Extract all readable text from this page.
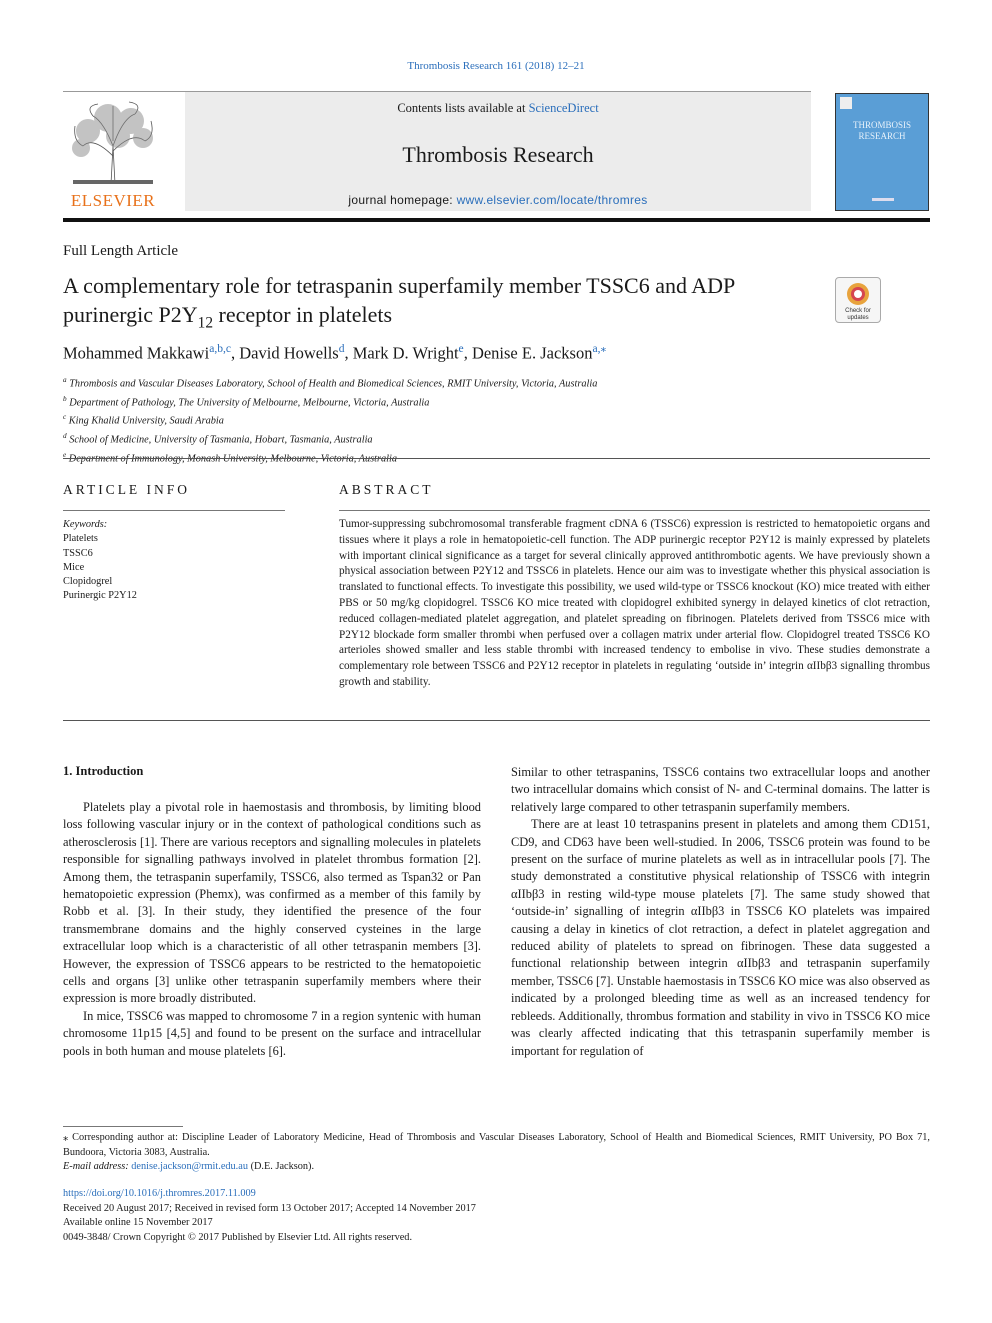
Thrombosis Research 161 (2018) 12–21
ELSEVIER
Contents lists available at ScienceDirect
Thrombosis Research
journal homepage: www.elsevier.com/locate/thromres
THROMBOSIS RESEARCH
Full Length Article
A complementary role for tetraspanin superfamily member TSSC6 and ADP
purinergic $P2Y_{12}$ receptor in platelets	Check for
updates
Mohammed Makkawi$^{a,b,c}$, David Howells$^d$, Mark D. Wright$^e$, Denise E. Jackson$^{a,⁎}$
$^a$ Thrombosis and Vascular Diseases Laboratory, School of Health and Biomedical Sciences, RMIT University, Victoria, Australia
$^b$ Department of Pathology, The University of Melbourne, Melbourne, Victoria, Australia
$^c$ King Khalid University, Saudi Arabia
$^d$ School of Medicine, University of Tasmania, Hobart, Tasmania, Australia
$^e$
ARTICLE INFO	ABSTRACT
Keywords:
Platelets
TSSC6
Mice
Clopidogrel
Purinergic P2Y12
Tumor-suppressing subchromosomal transferable fragment cDNA 6 (TSSC6) expression is restricted to hematopoietic organs and tissues where it plays a role in hematopoietic-cell function. The ADP purinergic receptor P2Y12 is mainly expressed by platelets with important clinical significance as a target for several clinically approved antithrombotic agents. We have previously shown a physical association between P2Y12 and TSSC6 in platelets. Hence our aim was to investigate whether this physical association is translated to functional effects. To investigate this possibility, we used wild-type or TSSC6 knockout (KO) mice treated with either PBS or 50 mg/kg clopidogrel. TSSC6 KO mice treated with clopidogrel exhibited synergy in delayed kinetics of clot retraction, reduced collagen-mediated platelet aggregation, and platelet spreading on fibrinogen. Platelets derived from TSSC6 mice with P2Y12 blockade form smaller thrombi when perfused over a collagen matrix under arterial flow. Clopidogrel treated TSSC6 KO arterioles showed smaller and less stable thrombi with increased tendency to embolise in vivo. These studies demonstrate a complementary role between TSSC6 and P2Y12 receptor in platelets in regulating ‘outside in’ integrin αIIbβ3 signalling thrombus growth and stability.
1. Introduction

Platelets play a pivotal role in haemostasis and thrombosis, by limiting blood loss following vascular injury or in the context of pathological conditions such as atherosclerosis [1]. There are various receptors and signalling molecules in platelets responsible for signalling pathways involved in platelet thrombus formation [2]. Among them, the tetraspanin superfamily, TSSC6, also termed as Tspan32 or Pan hematopoietic expression (Phemx), was confirmed as a member of this family by Robb et al. [3]. In their study, they identified the presence of the four transmembrane domains and the highly conserved cysteines in the large extracellular loop which is a characteristic of all other tetraspanin members [3]. However, the expression of TSSC6 appears to be restricted to the hematopoietic cells and organs [3] unlike other tetraspanin superfamily members where their expression is more broadly distributed.

In mice, TSSC6 was mapped to chromosome 7 in a region syntenic with human chromosome 11p15 [4,5] and found to be present on the surface and intracellular pools in both human and mouse platelets [6].

Similar to other tetraspanins, TSSC6 contains two extracellular loops and another two intracellular domains which consist of N- and C-terminal domains. The latter is relatively large compared to other tetraspanin superfamily members.

There are at least 10 tetraspanins present in platelets and among them CD151, CD9, and CD63 have been well-studied. In 2006, TSSC6 protein was found to be present on the surface of murine platelets as well as in intracellular pools [7]. The study demonstrated a constitutive physical relationship of TSSC6 with integrin αIIbβ3 in resting wild-type mouse platelets [7]. The same study showed that ‘outside-in’ signalling of integrin αIIbβ3 in TSSC6 KO platelets was impaired causing a delay in kinetics of clot retraction, a defect in platelet aggregation and reduced ability of platelets to spread on fibrinogen. These data suggested a functional relationship between integrin αIIbβ3 and tetraspanin superfamily member, TSSC6 [7]. Unstable haemostasis in TSSC6 KO mice was also observed as indicated by a prolonged bleeding time as well as an increased tendency for rebleeds. Additionally, thrombus formation and stability in vivo in TSSC6 KO mice was clearly affected indicating that this tetraspanin superfamily member is important for regulation of

⁎ Corresponding author at: Discipline Leader of Laboratory Medicine, Head of Thrombosis and Vascular Diseases Laboratory, School of Health and Biomedical Sciences, RMIT University, PO Box 71, Bundoora, Victoria 3083, Australia.
E-mail address: denise.jackson@rmit.edu.au (D.E. Jackson).
https://doi.org/10.1016/j.thromres.2017.11.009
Received 20 August 2017; Received in revised form 13 October 2017; Accepted 14 November 2017
Available online 15 November 2017
0049-3848/ Crown Copyright © 2017 Published by Elsevier Ltd. All rights reserved.
